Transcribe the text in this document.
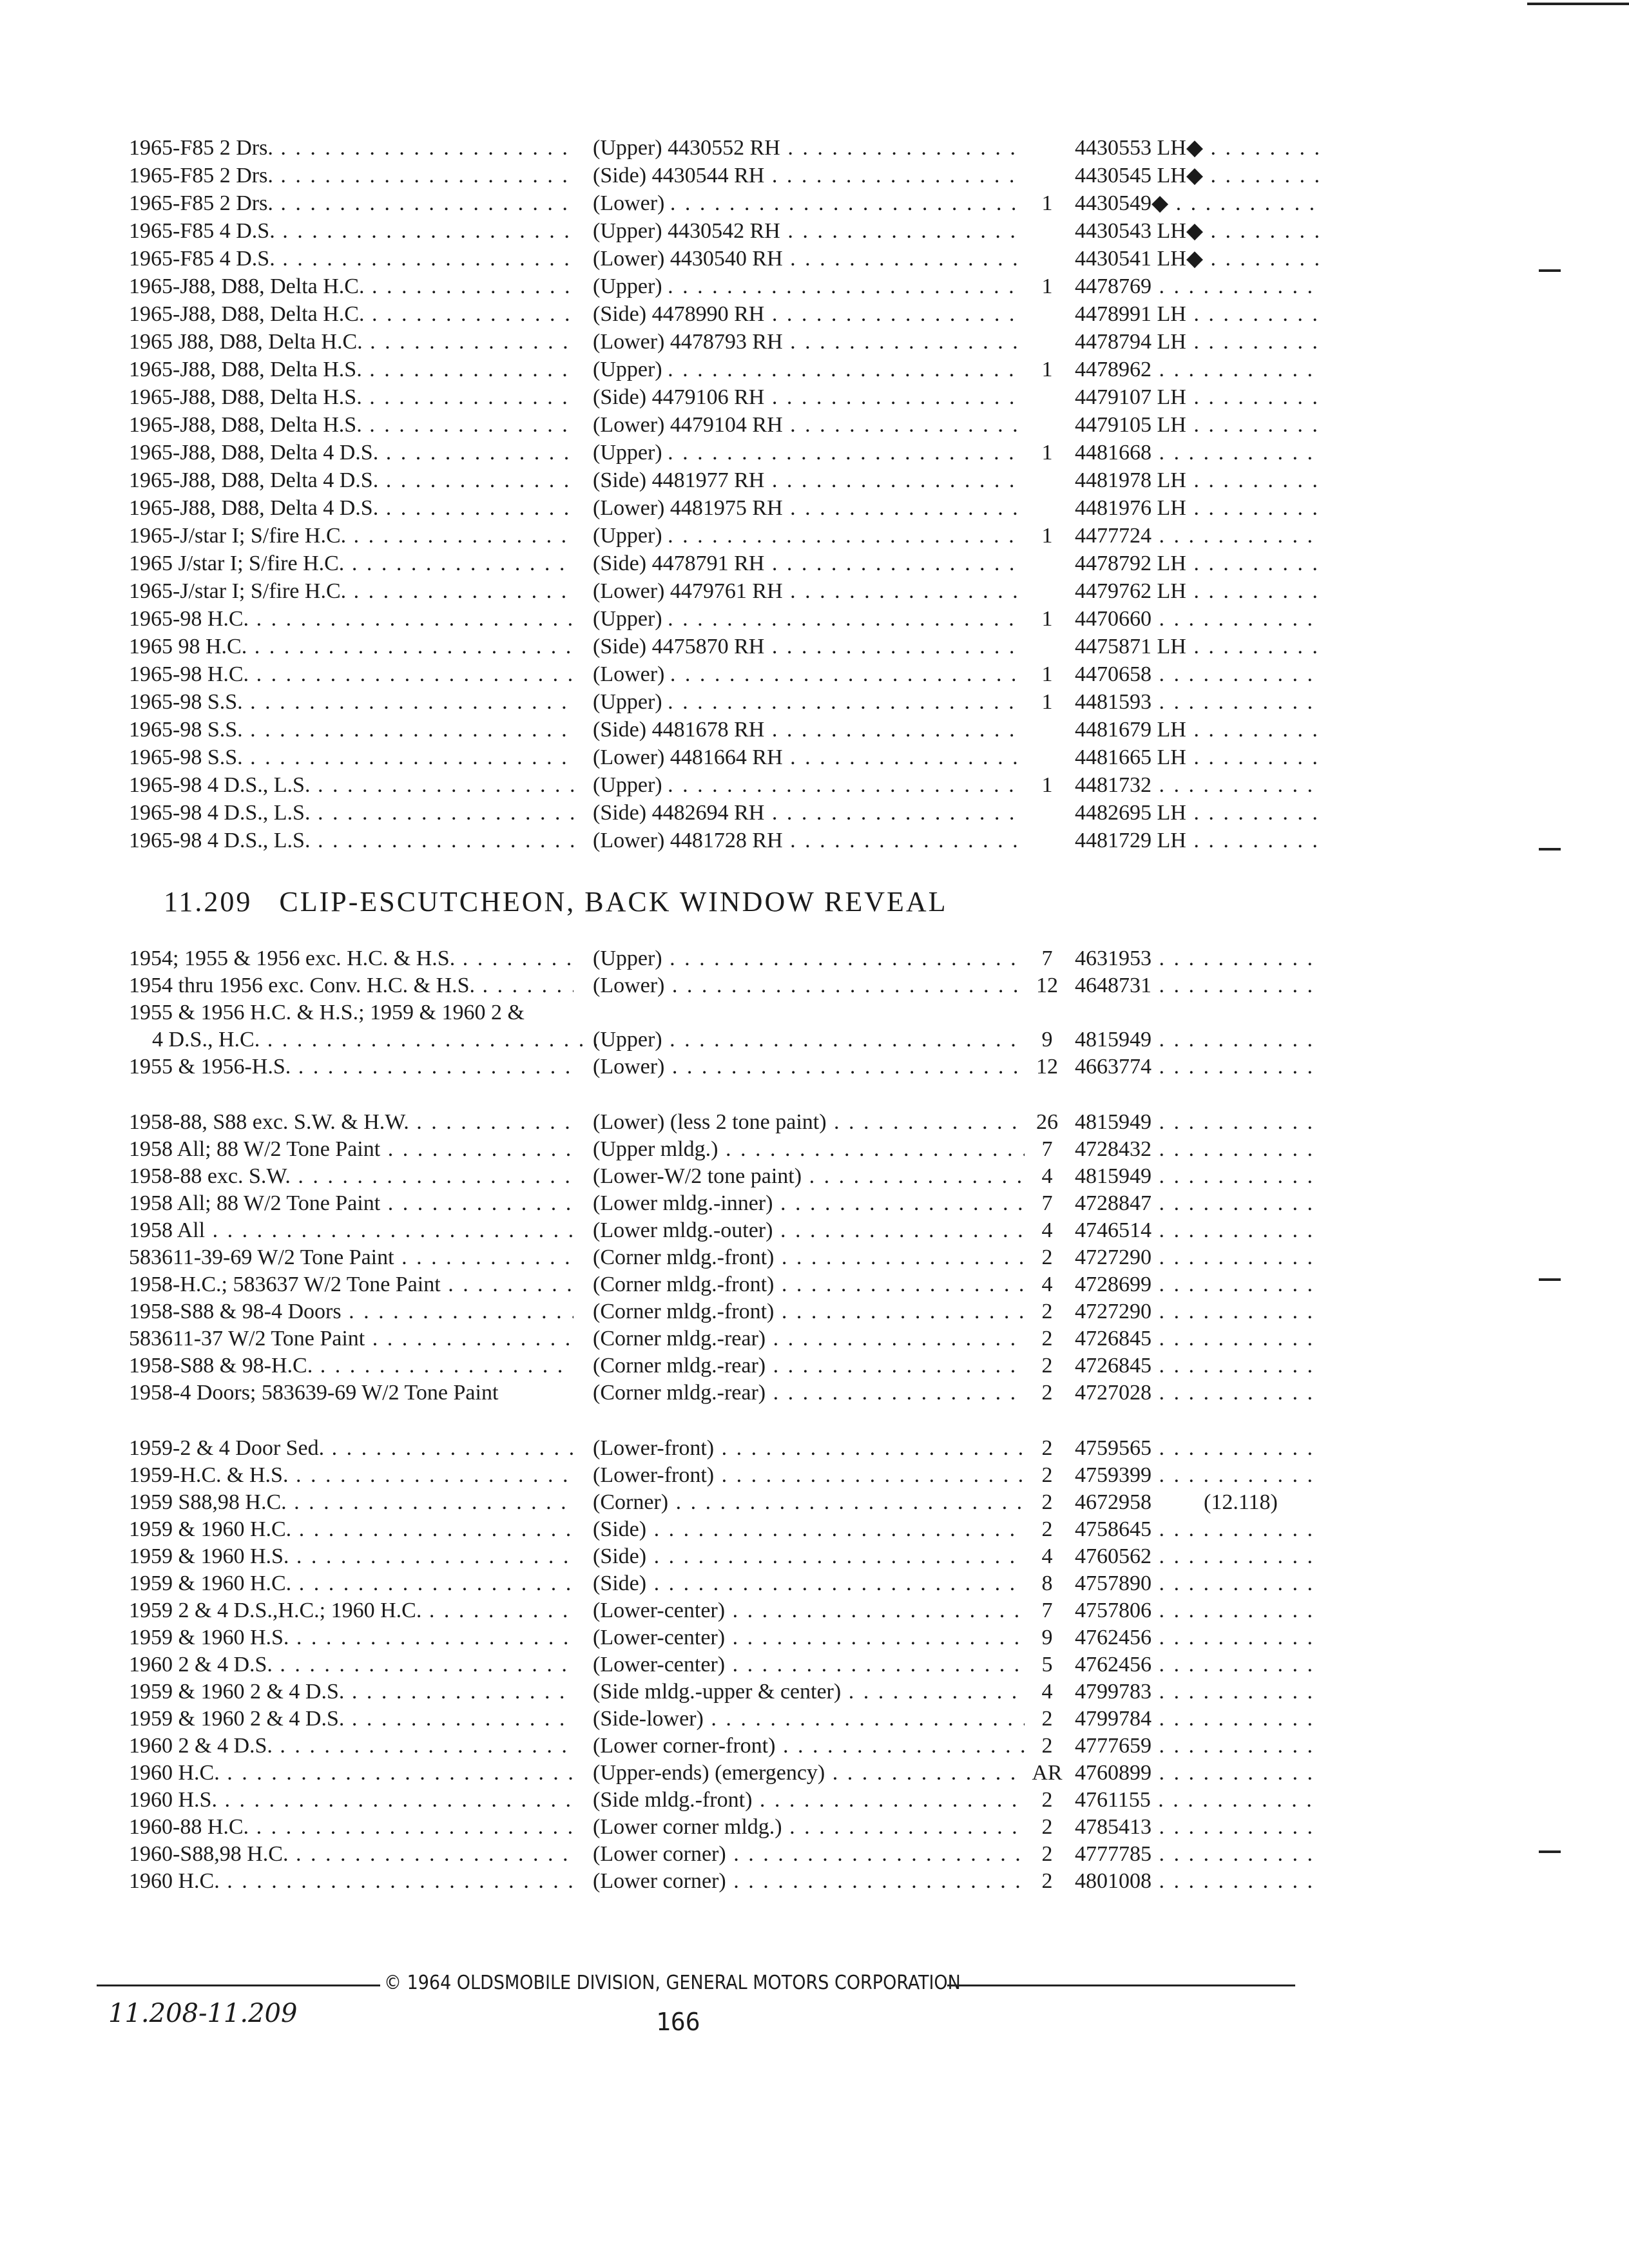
1965-F85 2 Drs. . . .	(Upper) 4430552 RH . . .	4430553 LH◆ . . .
1965-F85 2 Drs. . . .	(Side) 4430544 RH . . .	4430545 LH◆ . . .
1965-F85 2 Drs. . . .	(Lower) . . .	1	4430549◆ . . .
1965-F85 4 D.S. . . .	(Upper) 4430542 RH . . .	4430543 LH◆ . . .
1965-F85 4 D.S. . . .	(Lower) 4430540 RH . . .	4430541 LH◆ . . .
1965-J88, D88, Delta H.C. . . .	(Upper) . . .	1	4478769 . . .
1965-J88, D88, Delta H.C. . . .	(Side) 4478990 RH . . .	4478991 LH . . .
1965 J88, D88, Delta H.C. . . .	(Lower) 4478793 RH . . .	4478794 LH . . .
1965-J88, D88, Delta H.S. . . .	(Upper) . . .	1	4478962 . . .
1965-J88, D88, Delta H.S. . . .	(Side) 4479106 RH . . .	4479107 LH . . .
1965-J88, D88, Delta H.S. . . .	(Lower) 4479104 RH . . .	4479105 LH . . .
1965-J88, D88, Delta 4 D.S. . . .	(Upper) . . .	1	4481668 . . .
1965-J88, D88, Delta 4 D.S. . . .	(Side) 4481977 RH . . .	4481978 LH . . .
1965-J88, D88, Delta 4 D.S. . . .	(Lower) 4481975 RH . . .	4481976 LH . . .
1965-J/star I; S/fire H.C. . . .	(Upper) . . .	1	4477724 . . .
1965 J/star I; S/fire H.C. . . .	(Side) 4478791 RH . . .	4478792 LH . . .
1965-J/star I; S/fire H.C. . . .	(Lower) 4479761 RH . . .	4479762 LH . . .
1965-98 H.C. . . .	(Upper) . . .	1	4470660 . . .
1965 98 H.C. . . .	(Side) 4475870 RH . . .	4475871 LH . . .
1965-98 H.C. . . .	(Lower) . . .	1	4470658 . . .
1965-98 S.S. . . .	(Upper) . . .	1	4481593 . . .
1965-98 S.S. . . .	(Side) 4481678 RH . . .	4481679 LH . . .
1965-98 S.S. . . .	(Lower) 4481664 RH . . .	4481665 LH . . .
1965-98 4 D.S., L.S. . . .	(Upper) . . .	1	4481732 . . .
1965-98 4 D.S., L.S. . . .	(Side) 4482694 RH . . .	4482695 LH . . .
1965-98 4 D.S., L.S. . . .	(Lower) 4481728 RH . . .	4481729 LH . . .
11.209 CLIP-ESCUTCHEON, BACK WINDOW REVEAL
1954; 1955 & 1956 exc. H.C. & H.S. . . .	(Upper) . . .	7	4631953 . . .
1954 thru 1956 exc. Conv. H.C. & H.S. . . .	(Lower) . . .	12 4648731 . . .
1955 & 1956 H.C. & H.S.; 1959 & 1960 2 &
4 D.S., H.C. . . .	(Upper) . . .	9	4815949 . . .
1955 & 1956-H.S. . . .	(Lower) . . .	12 4663774 . . .
1958-88, S88 exc. S.W. & H.W. . . .	(Lower) (less 2 tone paint) . . .	26 4815949 . . .
1958 All; 88 W/2 Tone Paint . . .	(Upper mldg.) . . .	7	4728432 . . .
1958-88 exc. S.W. . . .	(Lower-W/2 tone paint) . . .	4	4815949 . . .
1958 All; 88 W/2 Tone Paint . . .	(Lower mldg.-inner) . . .	7	4728847 . . .
1958 All . . .	(Lower mldg.-outer) . . .	4	4746514 . . .
583611-39-69 W/2 Tone Paint . . .	(Corner mldg.-front) . . .	2	4727290 . . .
1958-H.C.; 583637 W/2 Tone Paint . . .	(Corner mldg.-front) . . .	4	4728699 . . .
1958-S88 & 98-4 Doors . . .	(Corner mldg.-front) . . .	2	4727290 . . .
583611-37 W/2 Tone Paint . . .	(Corner mldg.-rear) . . .	2	4726845 . . .
1958-S88 & 98-H.C. . . .	(Corner mldg.-rear) . . .	2	4726845 . . .
1958-4 Doors; 583639-69 W/2 Tone Paint	(Corner mldg.-rear) . . .	2	4727028 . . .
1959-2 & 4 Door Sed. . . .	(Lower-front) . . .	2	4759565 . . .
1959-H.C. & H.S. . . .	(Lower-front) . . .	2	4759399 . . .
1959 S88,98 H.C. . . .	(Corner) . . .	2	4672958 (12.118)
1959 & 1960 H.C. . . .	(Side) . . .	2	4758645 . . .
1959 & 1960 H.S. . . .	(Side) . . .	4	4760562 . . .
1959 & 1960 H.C. . . .	(Side) . . .	8	4757890 . . .
1959 2 & 4 D.S.,H.C.; 1960 H.C. . . .	(Lower-center) . . .	7	4757806 . . .
1959 & 1960 H.S. . . .	(Lower-center) . . .	9	4762456 . . .
1960 2 & 4 D.S. . . .	(Lower-center) . . .	5	4762456 . . .
1959 & 1960 2 & 4 D.S. . . .	(Side mldg.-upper & center) . . .	4	4799783 . . .
1959 & 1960 2 & 4 D.S. . . .	(Side-lower) . . .	2	4799784 . . .
1960 2 & 4 D.S. . . .	(Lower corner-front) . . .	2	4777659 . . .
1960 H.C. . . .	(Upper-ends) (emergency) . . .	AR 4760899 . . .
1960 H.S. . . .	(Side mldg.-front) . . .	2	4761155 . . .
1960-88 H.C. . . .	(Lower corner mldg.) . . .	2	4785413 . . .
1960-S88,98 H.C. . . .	(Lower corner) . . .	2	4777785 . . .
1960 H.C. . . .	(Lower corner) . . .	2	4801008 . . .
© 1964 OLDSMOBILE DIVISION, GENERAL MOTORS CORPORATION
11.208-11.209	166
